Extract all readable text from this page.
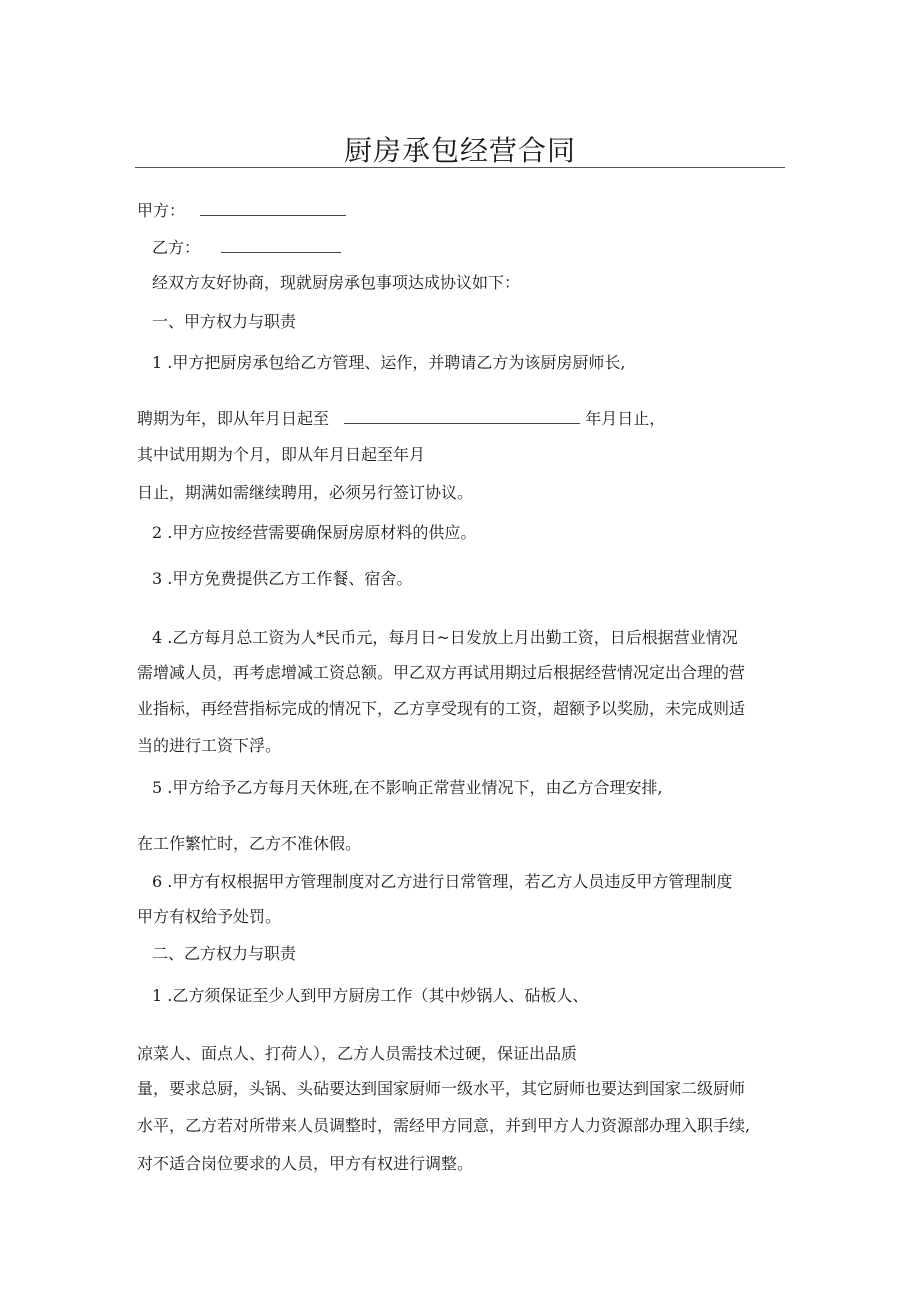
厨房承包经营合同
甲方：
乙方：
经双方友好协商，现就厨房承包事项达成协议如下：
一、甲方权力与职责
1 .甲方把厨房承包给乙方管理、运作，并聘请乙方为该厨房厨师长,
聘期为年，即从年月日起至	年月日止，
其中试用期为个月，即从年月日起至年月
日止，期满如需继续聘用，必须另行签订协议。
2 .甲方应按经营需要确保厨房原材料的供应。
3 .甲方免费提供乙方工作餐、宿舍。
4 .乙方每月总工资为人*民币元，每月日~日发放上月出勤工资，日后根据营业情况
需增减人员，再考虑增减工资总额。甲乙双方再试用期过后根据经营情况定出合理的营
业指标，再经营指标完成的情况下，乙方享受现有的工资，超额予以奖励，未完成则适
当的进行工资下浮。
5 .甲方给予乙方每月天休班,在不影响正常营业情况下，由乙方合理安排,
在工作繁忙时，乙方不准休假。
6 .甲方有权根据甲方管理制度对乙方进行日常管理，若乙方人员违反甲方管理制度
甲方有权给予处罚。
二、乙方权力与职责
1 .乙方须保证至少人到甲方厨房工作（其中炒锅人、砧板人、
凉菜人、面点人、打荷人），乙方人员需技术过硬，保证出品质
量，要求总厨，头锅、头砧要达到国家厨师一级水平，其它厨师也要达到国家二级厨师
水平，乙方若对所带来人员调整时，需经甲方同意，并到甲方人力资源部办理入职手续,
对不适合岗位要求的人员，甲方有权进行调整。
